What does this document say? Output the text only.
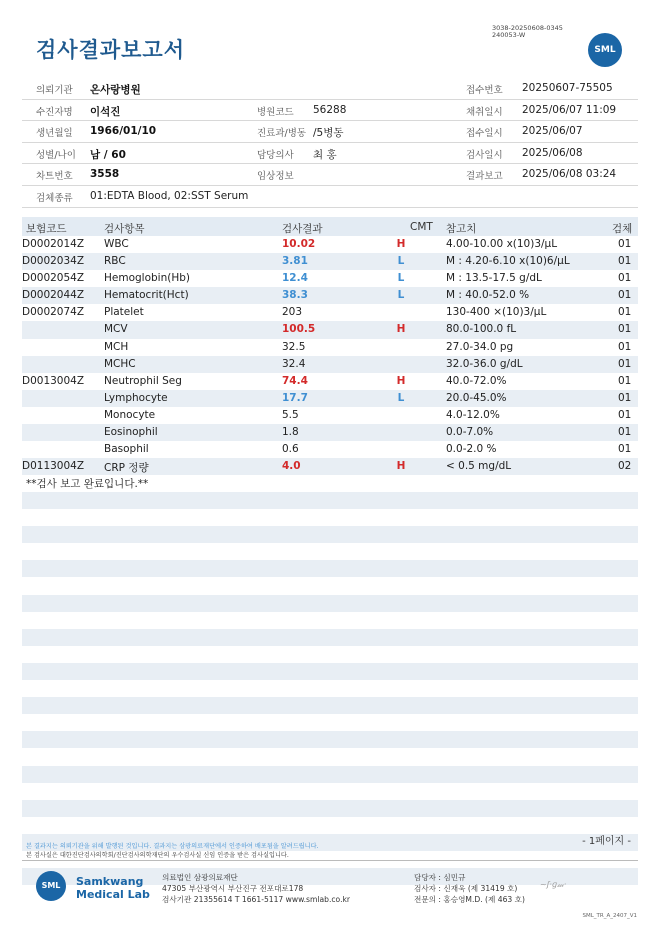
검사결과보고서
3038-20250608-0345
240053-W
SML
의뢰기관 온사랑병원	접수번호 20250607-75505
수진자명 이석진	병원코드 56288	채취일시 2025/06/07 11:09
생년월일 1966/01/10	진료과/병동 /5병동	접수일시 2025/06/07
성별/나이 남 / 60	담당의사 최 홍	검사일시 2025/06/08
차트번호 3558	임상정보	결과보고 2025/06/08 03:24
검체종류 01:EDTA Blood, 02:SST Serum
보험코드	검사항목	검사결과	CMT 참고치	검체
D0002014Z WBC	10.02	H	4.00-10.00 x(10)3/μL	01
D0002034Z RBC	3.81	L	M : 4.20-6.10 x(10)6/μL	01
D0002054Z Hemoglobin(Hb)	12.4	L	M : 13.5-17.5 g/dL	01
D0002044Z Hematocrit(Hct)	38.3	L	M : 40.0-52.0 %	01
D0002074Z Platelet	203	130-400 ×(10)3/μL	01
MCV	100.5	H	80.0-100.0 fL	01
MCH	32.5	27.0-34.0 pg	01
MCHC	32.4	32.0-36.0 g/dL	01
D0013004Z Neutrophil Seg	74.4	H	40.0-72.0%	01
Lymphocyte	17.7	L	20.0-45.0%	01
Monocyte	5.5	4.0-12.0%	01
Eosinophil	1.8	0.0-7.0%	01
Basophil	0.6	0.0-2.0 %	01
D0113004Z CRP 정량	4.0	H	< 0.5 mg/dL	02
**검사 보고 완료입니다.**
- 1페이지 -
본 결과지는 의뢰기관을 위해 발행된 것입니다. 결과지는 삼광의료재단에서 인증하여 배포됨을 알려드립니다.
본 검사실은 대한진단검사의학회/진단검사의학재단의 우수검사실 신임 인증을 받은 검사실입니다.
SML	Samkwang
Medical Lab
의료법인 삼광의료재단
47305 부산광역시 부산진구 전포대로178
검사기관 21355614 T 1661-5117 www.smlab.co.kr
담당자 : 심민규
검사자 : 신재욱 (제 31419 호)
전문의 : 홍승영M.D. (제 463 호)
~ʃ·ɡ𝓂·
SML_TR_A_2407_V1
